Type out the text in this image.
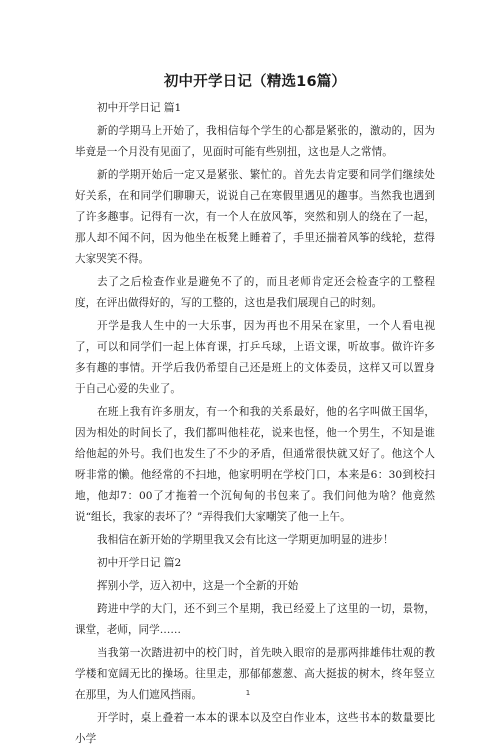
初中开学日记（精选16篇）

初中开学日记 篇1

新的学期马上开始了，我相信每个学生的心都是紧张的，激动的，因为毕竟是一个月没有见面了，见面时可能有些别扭，这也是人之常情。

新的学期开始后一定又是紧张、繁忙的。首先去肯定要和同学们继续处好关系，在和同学们聊聊天，说说自己在寒假里遇见的趣事。当然我也遇到了许多趣事。记得有一次，有一个人在放风筝，突然和别人的绕在了一起，那人却不闻不问，因为他坐在板凳上睡着了，手里还揣着风筝的线轮，惹得大家哭笑不得。

去了之后检查作业是避免不了的，而且老师肯定还会检查字的工整程度，在评出做得好的，写的工整的，这也是我们展现自己的时刻。

开学是我人生中的一大乐事，因为再也不用呆在家里，一个人看电视了，可以和同学们一起上体育课，打乒乓球，上语文课，听故事。做许许多多有趣的事情。开学后我仍希望自己还是班上的文体委员，这样又可以置身于自己心爱的失业了。

在班上我有许多朋友，有一个和我的关系最好，他的名字叫做王国华，因为相处的时间长了，我们都叫他桂花，说来也怪，他一个男生，不知是谁给他起的外号。我们也发生了不少的矛盾，但通常很快就又好了。他这个人呀非常的懒。他经常的不扫地，他家明明在学校门口，本来是6：30到校扫地，他却7：00了才拖着一个沉甸甸的书包来了。我们问他为啥？他竟然说“组长，我家的表坏了？”弄得我们大家嘲笑了他一上午。

我相信在新开始的学期里我又会有比这一学期更加明显的进步！

初中开学日记 篇2

挥别小学，迈入初中，这是一个全新的开始

跨进中学的大门，还不到三个星期，我已经爱上了这里的一切，景物，课堂，老师，同学……

当我第一次踏进初中的校门时，首先映入眼帘的是那两排雄伟壮观的教学楼和宽阔无比的操场。往里走，那郁郁葱葱、高大挺拔的树木，终年竖立在那里，为人们遮风挡雨。

开学时，桌上叠着一本本的课本以及空白作业本，这些书本的数量要比小学

1
